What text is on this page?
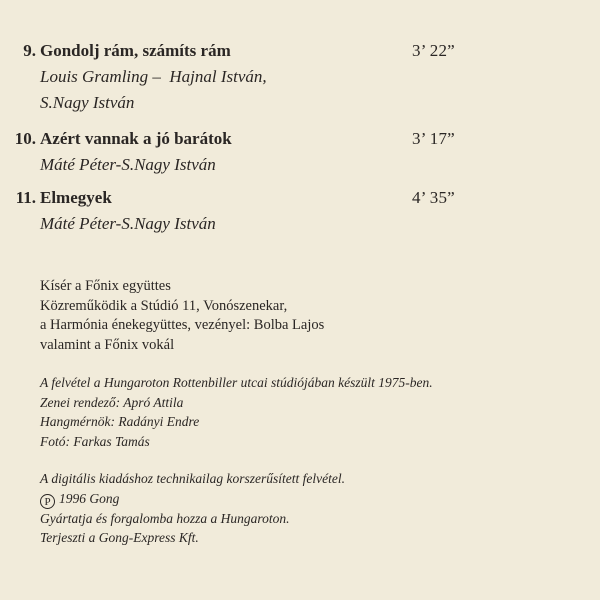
9. Gondolj rám, számíts rám	3’ 22”
Louis Gramling –  Hajnal István,
S.Nagy István
10. Azért vannak a jó barátok	3’ 17”
Máté Péter-S.Nagy István
11. Elmegyek	4’ 35”
Máté Péter-S.Nagy István
Kísér a Főnix együttes
Közreműködik a Stúdió 11, Vonószenekar,
a Harmónia énekegyüttes, vezényel: Bolba Lajos
valamint a Főnix vokál
A felvétel a Hungaroton Rottenbiller utcai stúdiójában készült 1975-ben.
Zenei rendező: Apró Attila
Hangmérnök: Radányi Endre
Fotó: Farkas Tamás
A digitális kiadáshoz technikailag korszerűsített felvétel.
P 1996 Gong
Gyártatja és forgalomba hozza a Hungaroton.
Terjeszti a Gong-Express Kft.
